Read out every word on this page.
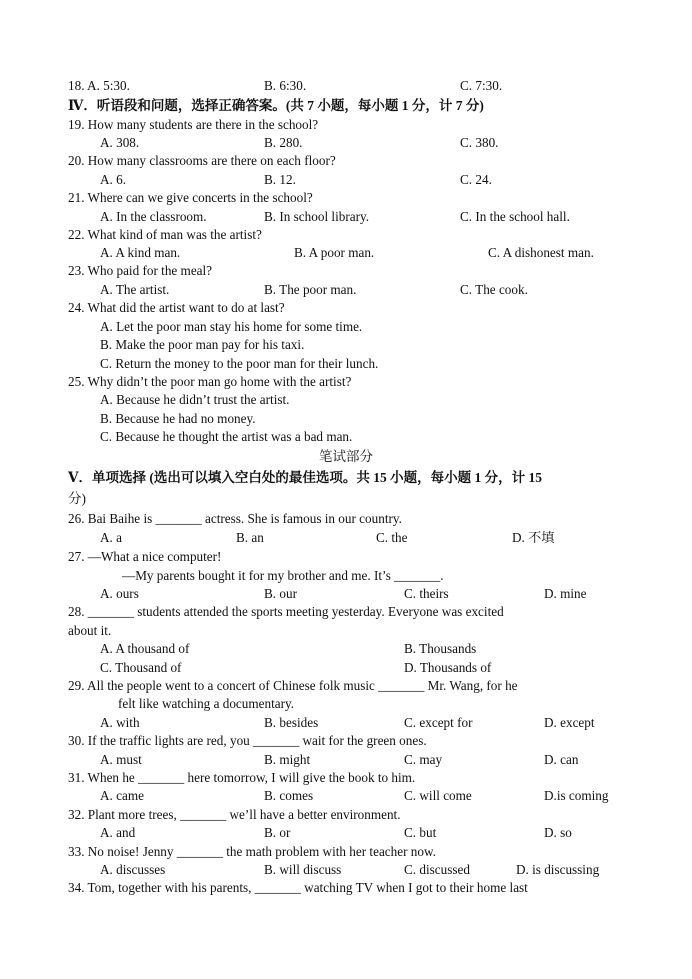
18. A. 5:30.	B. 6:30.	C. 7:30.
Ⅳ．听语段和问题，选择正确答案。(共 7 小题，每小题 1 分，计 7 分)
19. How many students are there in the school?
A. 308.	B. 280.	C. 380.
20. How many classrooms are there on each floor?
A. 6.	B. 12.	C. 24.
21. Where can we give concerts in the school?
A. In the classroom.	B. In school library.	C. In the school hall.
22. What kind of man was the artist?
A. A kind man.	B. A poor man.	C. A dishonest man.
23. Who paid for the meal?
A. The artist.	B. The poor man.	C. The cook.
24. What did the artist want to do at last?
A. Let the poor man stay his home for some time.
B. Make the poor man pay for his taxi.
C. Return the money to the poor man for their lunch.
25. Why didn’t the poor man go home with the artist?
A. Because he didn’t trust the artist.
B. Because he had no money.
C. Because he thought the artist was a bad man.
笔试部分
Ⅴ．单项选择 (选出可以填入空白处的最佳选项。共 15 小题，每小题 1 分，计 15
分)
26. Bai Baihe is _______ actress. She is famous in our country.
A. a	B. an	C. the	D. 不填
27. —What a nice computer!
—My parents bought it for my brother and me. It’s _______.
A. ours	B. our	C. theirs	D. mine
28. _______ students attended the sports meeting yesterday. Everyone was excited
about it.
A. A thousand of	B. Thousands
C. Thousand of	D. Thousands of
29. All the people went to a concert of Chinese folk music _______ Mr. Wang, for he
felt like watching a documentary.
A. with	B. besides	C. except for	D. except
30. If the traffic lights are red, you _______ wait for the green ones.
A. must	B. might	C. may	D. can
31. When he _______ here tomorrow, I will give the book to him.
A. came	B. comes	C. will come	D.is coming
32. Plant more trees, _______ we’ll have a better environment.
A. and	B. or	C. but	D. so
33. No noise! Jenny _______ the math problem with her teacher now.
A. discusses	B. will discuss	C. discussed	D. is discussing
34. Tom, together with his parents, _______ watching TV when I got to their home last
